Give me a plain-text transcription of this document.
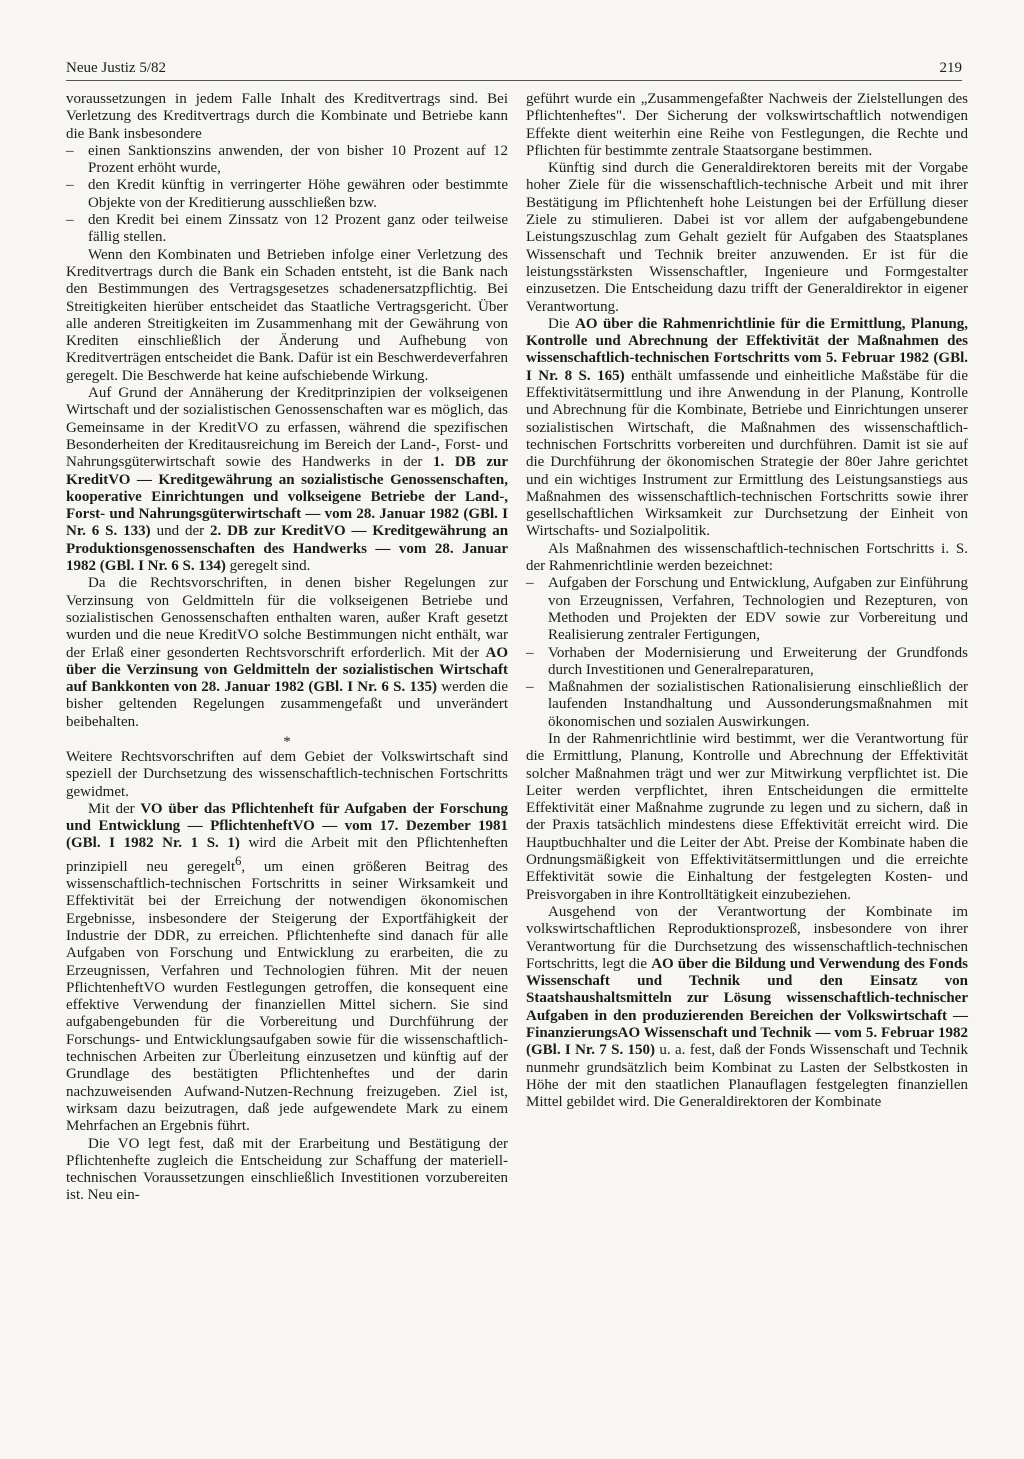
Neue Justiz 5/82	219

voraussetzungen in jedem Falle Inhalt des Kreditvertrags sind. Bei Verletzung des Kreditvertrags durch die Kombinate und Betriebe kann die Bank insbesondere

– einen Sanktionszins anwenden, der von bisher 10 Prozent auf 12 Prozent erhöht wurde,
– den Kredit künftig in verringerter Höhe gewähren oder bestimmte Objekte von der Kreditierung ausschließen bzw.
– den Kredit bei einem Zinssatz von 12 Prozent ganz oder teilweise fällig stellen.

Wenn den Kombinaten und Betrieben infolge einer Verletzung des Kreditvertrags durch die Bank ein Schaden entsteht, ist die Bank nach den Bestimmungen des Vertragsgesetzes schadenersatzpflichtig. Bei Streitigkeiten hierüber entscheidet das Staatliche Vertragsgericht. Über alle anderen Streitigkeiten im Zusammenhang mit der Gewährung von Krediten einschließlich der Änderung und Aufhebung von Kreditverträgen entscheidet die Bank. Dafür ist ein Beschwerdeverfahren geregelt. Die Beschwerde hat keine aufschiebende Wirkung.

Auf Grund der Annäherung der Kreditprinzipien der volkseigenen Wirtschaft und der sozialistischen Genossenschaften war es möglich, das Gemeinsame in der KreditVO zu erfassen, während die spezifischen Besonderheiten der Kreditausreichung im Bereich der Land-, Forst- und Nahrungsgüterwirtschaft sowie des Handwerks in der 1. DB zur KreditVO — Kreditgewährung an sozialistische Genossenschaften, kooperative Einrichtungen und volkseigene Betriebe der Land-, Forst- und Nahrungsgüterwirtschaft — vom 28. Januar 1982 (GBl. I Nr. 6 S. 133) und der 2. DB zur KreditVO — Kreditgewährung an Produktionsgenossenschaften des Handwerks — vom 28. Januar 1982 (GBl. I Nr. 6 S. 134) geregelt sind.

Da die Rechtsvorschriften, in denen bisher Regelungen zur Verzinsung von Geldmitteln für die volkseigenen Betriebe und sozialistischen Genossenschaften enthalten waren, außer Kraft gesetzt wurden und die neue KreditVO solche Bestimmungen nicht enthält, war der Erlaß einer gesonderten Rechtsvorschrift erforderlich. Mit der AO über die Verzinsung von Geldmitteln der sozialistischen Wirtschaft auf Bankkonten von 28. Januar 1982 (GBl. I Nr. 6 S. 135) werden die bisher geltenden Regelungen zusammengefaßt und unverändert beibehalten.

*

Weitere Rechtsvorschriften auf dem Gebiet der Volkswirtschaft sind speziell der Durchsetzung des wissenschaftlich-technischen Fortschritts gewidmet.

Mit der VO über das Pflichtenheft für Aufgaben der Forschung und Entwicklung — PflichtenheftVO — vom 17. Dezember 1981 (GBl. I 1982 Nr. 1 S. 1) wird die Arbeit mit den Pflichtenheften prinzipiell neu geregelt$^6$, um einen größeren Beitrag des wissenschaftlich-technischen Fortschritts in seiner Wirksamkeit und Effektivität bei der Erreichung der notwendigen ökonomischen Ergebnisse, insbesondere der Steigerung der Exportfähigkeit der Industrie der DDR, zu erreichen. Pflichtenhefte sind danach für alle Aufgaben von Forschung und Entwicklung zu erarbeiten, die zu Erzeugnissen, Verfahren und Technologien führen. Mit der neuen PflichtenheftVO wurden Festlegungen getroffen, die konsequent eine effektive Verwendung der finanziellen Mittel sichern. Sie sind aufgabengebunden für die Vorbereitung und Durchführung der Forschungs- und Entwicklungsaufgaben sowie für die wissenschaftlich-technischen Arbeiten zur Überleitung einzusetzen und künftig auf der Grundlage des bestätigten Pflichtenheftes und der darin nachzuweisenden Aufwand-Nutzen-Rechnung freizugeben. Ziel ist, wirksam dazu beizutragen, daß jede aufgewendete Mark zu einem Mehrfachen an Ergebnis führt.

Die VO legt fest, daß mit der Erarbeitung und Bestätigung der Pflichtenhefte zugleich die Entscheidung zur Schaffung der materiell-technischen Voraussetzungen einschließlich Investitionen vorzubereiten ist. Neu ein-

geführt wurde ein „Zusammengefaßter Nachweis der Zielstellungen des Pflichtenheftes". Der Sicherung der volkswirtschaftlich notwendigen Effekte dient weiterhin eine Reihe von Festlegungen, die Rechte und Pflichten für bestimmte zentrale Staatsorgane bestimmen.

Künftig sind durch die Generaldirektoren bereits mit der Vorgabe hoher Ziele für die wissenschaftlich-technische Arbeit und mit ihrer Bestätigung im Pflichtenheft hohe Leistungen bei der Erfüllung dieser Ziele zu stimulieren. Dabei ist vor allem der aufgabengebundene Leistungszuschlag zum Gehalt gezielt für Aufgaben des Staatsplanes Wissenschaft und Technik breiter anzuwenden. Er ist für die leistungsstärksten Wissenschaftler, Ingenieure und Formgestalter einzusetzen. Die Entscheidung dazu trifft der Generaldirektor in eigener Verantwortung.

Die AO über die Rahmenrichtlinie für die Ermittlung, Planung, Kontrolle und Abrechnung der Effektivität der Maßnahmen des wissenschaftlich-technischen Fortschritts vom 5. Februar 1982 (GBl. I Nr. 8 S. 165) enthält umfassende und einheitliche Maßstäbe für die Effektivitätsermittlung und ihre Anwendung in der Planung, Kontrolle und Abrechnung für die Kombinate, Betriebe und Einrichtungen unserer sozialistischen Wirtschaft, die Maßnahmen des wissenschaftlich-technischen Fortschritts vorbereiten und durchführen. Damit ist sie auf die Durchführung der ökonomischen Strategie der 80er Jahre gerichtet und ein wichtiges Instrument zur Ermittlung des Leistungsanstiegs aus Maßnahmen des wissenschaftlich-technischen Fortschritts sowie ihrer gesellschaftlichen Wirksamkeit zur Durchsetzung der Einheit von Wirtschafts- und Sozialpolitik.

Als Maßnahmen des wissenschaftlich-technischen Fortschritts i. S. der Rahmenrichtlinie werden bezeichnet:

– Aufgaben der Forschung und Entwicklung, Aufgaben zur Einführung von Erzeugnissen, Verfahren, Technologien und Rezepturen, von Methoden und Projekten der EDV sowie zur Vorbereitung und Realisierung zentraler Fertigungen,
– Vorhaben der Modernisierung und Erweiterung der Grundfonds durch Investitionen und Generalreparaturen,
– Maßnahmen der sozialistischen Rationalisierung einschließlich der laufenden Instandhaltung und Aussonderungsmaßnahmen mit ökonomischen und sozialen Auswirkungen.

In der Rahmenrichtlinie wird bestimmt, wer die Verantwortung für die Ermittlung, Planung, Kontrolle und Abrechnung der Effektivität solcher Maßnahmen trägt und wer zur Mitwirkung verpflichtet ist. Die Leiter werden verpflichtet, ihren Entscheidungen die ermittelte Effektivität einer Maßnahme zugrunde zu legen und zu sichern, daß in der Praxis tatsächlich mindestens diese Effektivität erreicht wird. Die Hauptbuchhalter und die Leiter der Abt. Preise der Kombinate haben die Ordnungsmäßigkeit von Effektivitätsermittlungen und die erreichte Effektivität sowie die Einhaltung der festgelegten Kosten- und Preisvorgaben in ihre Kontrolltätigkeit einzubeziehen.

Ausgehend von der Verantwortung der Kombinate im volkswirtschaftlichen Reproduktionsprozeß, insbesondere von ihrer Verantwortung für die Durchsetzung des wissenschaftlich-technischen Fortschritts, legt die AO über die Bildung und Verwendung des Fonds Wissenschaft und Technik und den Einsatz von Staatshaushaltsmitteln zur Lösung wissenschaftlich-technischer Aufgaben in den produzierenden Bereichen der Volkswirtschaft — FinanzierungsAO Wissenschaft und Technik — vom 5. Februar 1982 (GBl. I Nr. 7 S. 150) u. a. fest, daß der Fonds Wissenschaft und Technik nunmehr grundsätzlich beim Kombinat zu Lasten der Selbstkosten in Höhe der mit den staatlichen Planauflagen festgelegten finanziellen Mittel gebildet wird. Die Generaldirektoren der Kombinate
